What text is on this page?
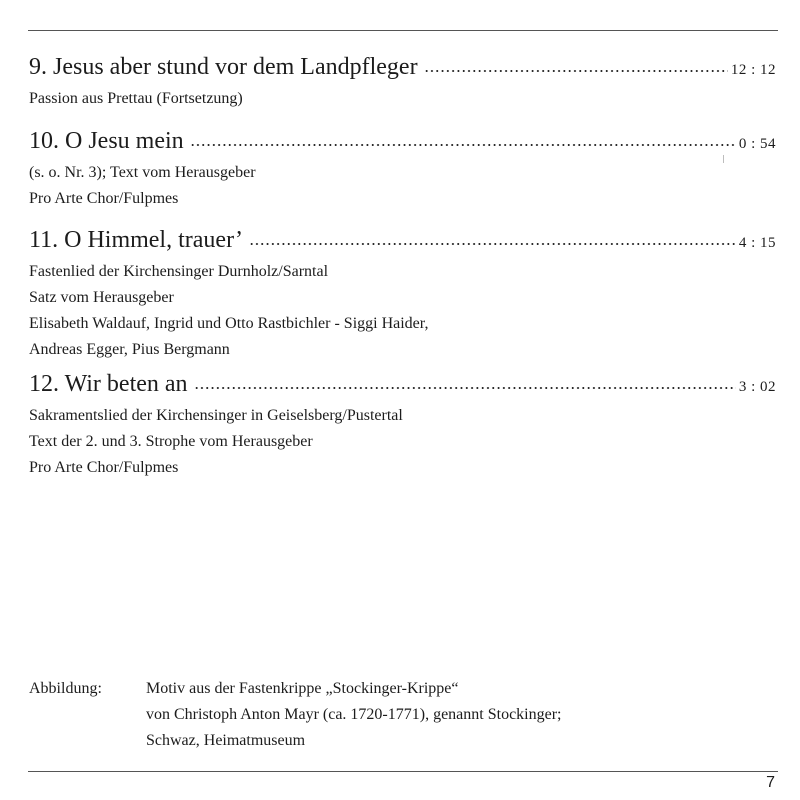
9. Jesus aber stund vor dem Landpfleger	12 : 12
Passion aus Prettau (Fortsetzung)
10. O Jesu mein	0 : 54
(s. o. Nr. 3); Text vom Herausgeber
Pro Arte Chor/Fulpmes
11. O Himmel, trauer’	4 : 15
Fastenlied der Kirchensinger Durnholz/Sarntal
Satz vom Herausgeber
Elisabeth Waldauf, Ingrid und Otto Rastbichler - Siggi Haider,
Andreas Egger, Pius Bergmann
12. Wir beten an	3 : 02
Sakramentslied der Kirchensinger in Geiselsberg/Pustertal
Text der 2. und 3. Strophe vom Herausgeber
Pro Arte Chor/Fulpmes
Abbildung:	Motiv aus der Fastenkrippe „Stockinger-Krippe“
von Christoph Anton Mayr (ca. 1720-1771), genannt Stockinger;
Schwaz, Heimatmuseum
7
